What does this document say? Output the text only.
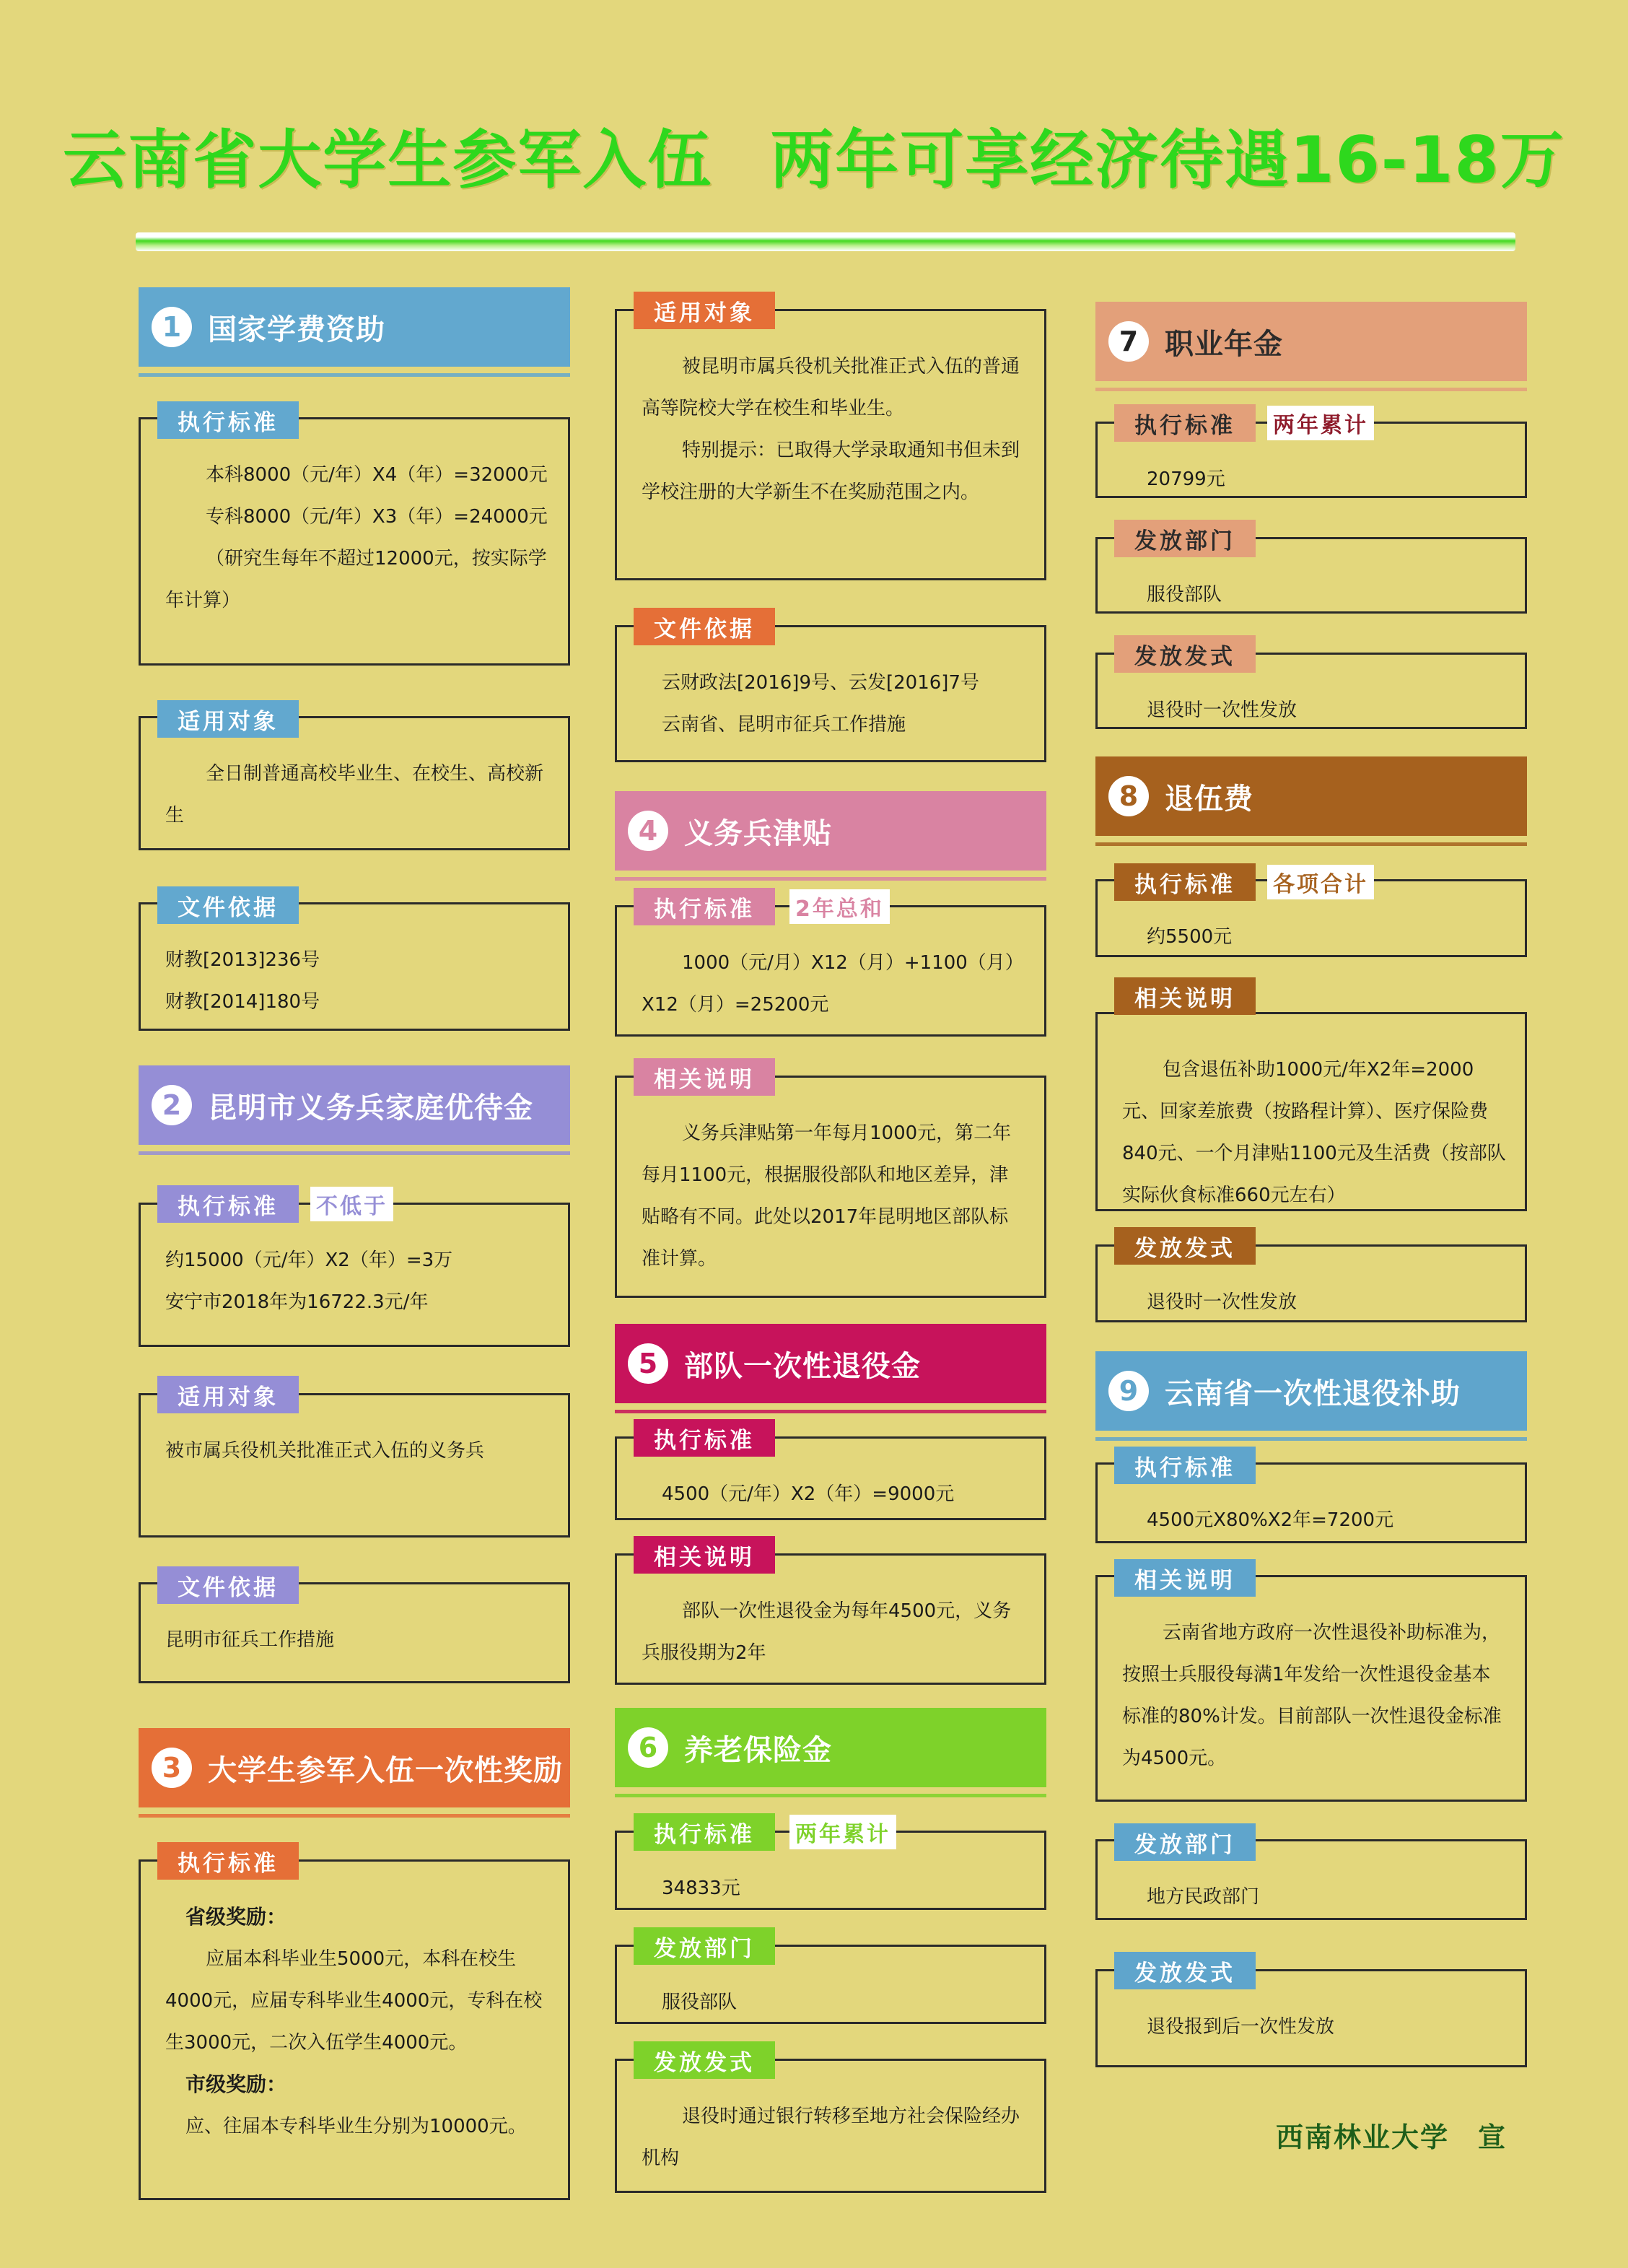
云南省大学生参军入伍 两年可享经济待遇16-18万
1 国家学费资助

本科8000（元/年）X4（年）=32000元

专科8000（元/年）X3（年）=24000元

（研究生每年不超过12000元，按实际学年计算）

执行标准

全日制普通高校毕业生、在校生、高校新生

适用对象

财教[2013]236号

财教[2014]180号

文件依据
2 昆明市义务兵家庭优待金

约15000（元/年）X2（年）=3万

安宁市2018年为16722.3元/年

执行标准	不低于

被市属兵役机关批准正式入伍的义务兵

适用对象

昆明市征兵工作措施

文件依据
3 大学生参军入伍一次性奖励

省级奖励：

应届本科毕业生5000元，本科在校生4000元，应届专科毕业生4000元，专科在校生3000元，二次入伍学生4000元。

市级奖励：

应、往届本专科毕业生分别为10000元。

执行标准

被昆明市属兵役机关批准正式入伍的普通高等院校大学在校生和毕业生。

特别提示：已取得大学录取通知书但未到学校注册的大学新生不在奖励范围之内。

适用对象

云财政法[2016]9号、云发[2016]7号

云南省、昆明市征兵工作措施

文件依据
4 义务兵津贴

1000（元/月）X12（月）+1100（月）X12（月）=25200元

执行标准	2年总和

义务兵津贴第一年每月1000元，第二年每月1100元，根据服役部队和地区差异，津贴略有不同。此处以2017年昆明地区部队标准计算。

相关说明
5 部队一次性退役金

4500（元/年）X2（年）=9000元

执行标准

部队一次性退役金为每年4500元，义务兵服役期为2年

相关说明
6 养老保险金

34833元

执行标准	两年累计

服役部队

发放部门

退役时通过银行转移至地方社会保险经办机构

发放发式
7 职业年金

20799元

执行标准	两年累计

服役部队

发放部门

退役时一次性发放

发放发式
8 退伍费

约5500元

执行标准	各项合计

包含退伍补助1000元/年X2年=2000元、回家差旅费（按路程计算）、医疗保险费840元、一个月津贴1100元及生活费（按部队实际伙食标准660元左右）

相关说明

退役时一次性发放

发放发式
9 云南省一次性退役补助

4500元X80%X2年=7200元

执行标准

云南省地方政府一次性退役补助标准为，按照士兵服役每满1年发给一次性退役金基本标准的80%计发。目前部队一次性退役金标准为4500元。

相关说明

地方民政部门

发放部门

退役报到后一次性发放

发放发式
西南林业大学　宣
